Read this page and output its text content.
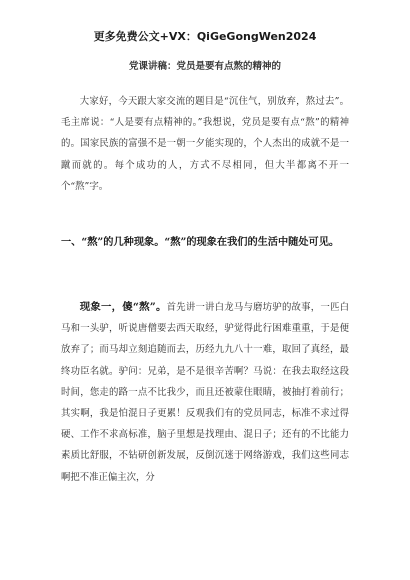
更多免费公文+VX：QiGeGongWen2024
党课讲稿：党员是要有点熬的精神的
大家好，今天跟大家交流的题目是“沉住气，别放弃，熬过去”。毛主席说：“人是要有点精神的。”我想说，党员是要有点“熬”的精神的。国家民族的富强不是一朝一夕能实现的，个人杰出的成就不是一蹴而就的。每个成功的人，方式不尽相同，但大半都离不开一个“熬”字。
一、“熬”的几种现象。“熬”的现象在我们的生活中随处可见。
现象一，傻“熬”。首先讲一讲白龙马与磨坊驴的故事，一匹白马和一头驴，听说唐僧要去西天取经，驴觉得此行困难重重，于是便放弃了；而马却立刻追随而去，历经九九八十一难，取回了真经，最终功臣名就。驴问：兄弟，是不是很辛苦啊？马说：在我去取经这段时间，您走的路一点不比我少，而且还被蒙住眼睛，被抽打着前行；其实啊，我是怕混日子更累！反观我们有的党员同志，标准不求过得硬、工作不求高标准，脑子里想是找理由、混日子；还有的不比能力素质比舒服，不钻研创新发展，反倒沉迷于网络游戏，我们这些同志啊把不准正偏主次，分
